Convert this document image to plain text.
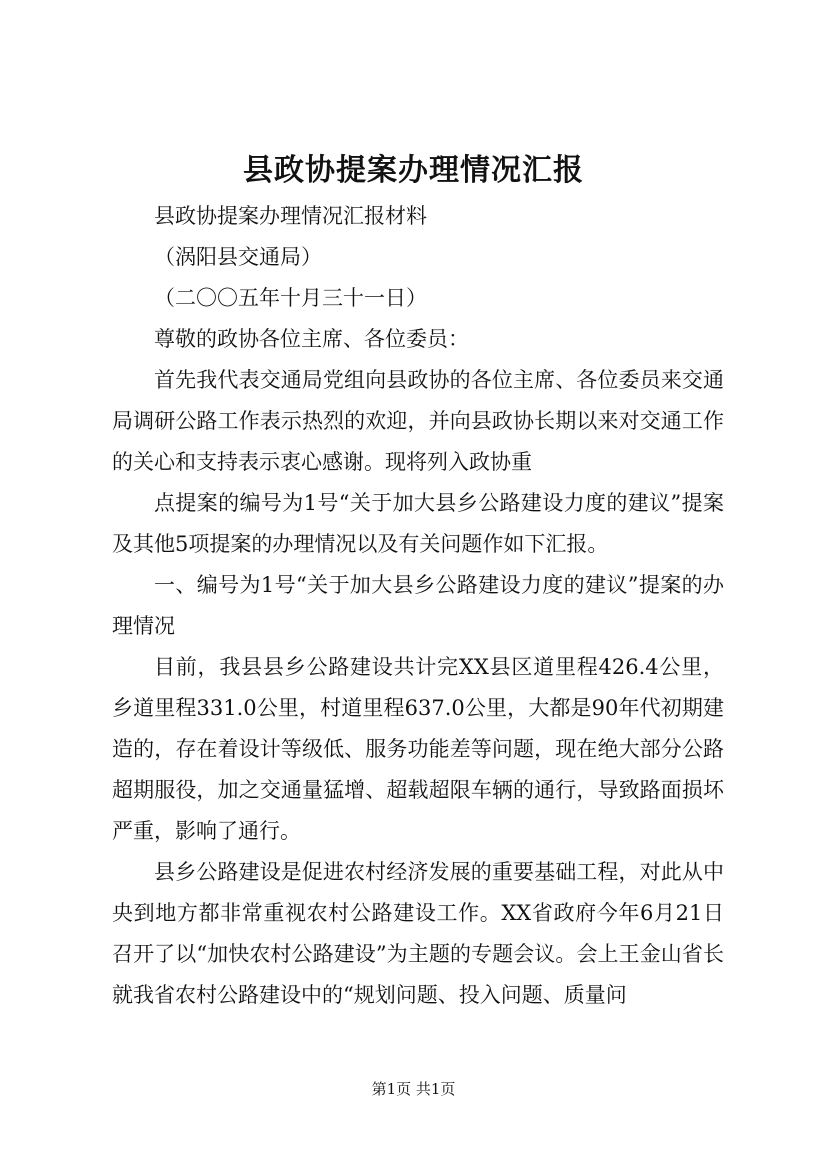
县政协提案办理情况汇报

县政协提案办理情况汇报材料

（涡阳县交通局）

（二〇〇五年十月三十一日）

尊敬的政协各位主席、各位委员：

首先我代表交通局党组向县政协的各位主席、各位委员来交通局调研公路工作表示热烈的欢迎，并向县政协长期以来对交通工作的关心和支持表示衷心感谢。现将列入政协重

点提案的编号为1号“关于加大县乡公路建设力度的建议”提案及其他5项提案的办理情况以及有关问题作如下汇报。

一、编号为1号“关于加大县乡公路建设力度的建议”提案的办理情况

目前，我县县乡公路建设共计完XX县区道里程426.4公里，乡道里程331.0公里，村道里程637.0公里，大都是90年代初期建造的，存在着设计等级低、服务功能差等问题，现在绝大部分公路超期服役，加之交通量猛增、超载超限车辆的通行，导致路面损坏严重，影响了通行。

县乡公路建设是促进农村经济发展的重要基础工程，对此从中央到地方都非常重视农村公路建设工作。XX省政府今年6月21日召开了以“加快农村公路建设”为主题的专题会议。会上王金山省长就我省农村公路建设中的“规划问题、投入问题、质量问

第1页 共1页
